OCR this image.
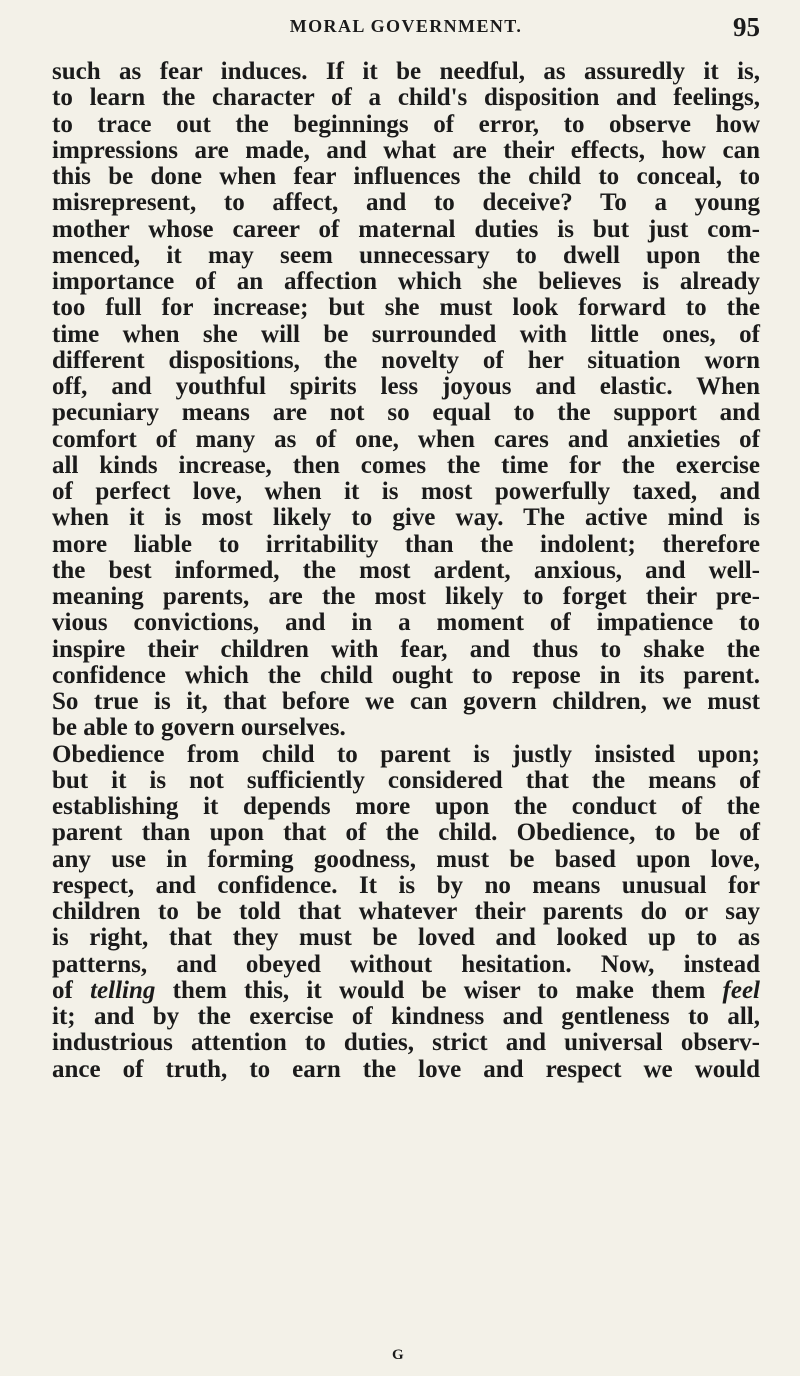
MORAL GOVERNMENT.	95
such as fear induces. If it be needful, as assuredly it is,
to learn the character of a child's disposition and feelings,
to trace out the beginnings of error, to observe how
impressions are made, and what are their effects, how can
this be done when fear influences the child to conceal, to
misrepresent, to affect, and to deceive? To a young
mother whose career of maternal duties is but just com-
menced, it may seem unnecessary to dwell upon the
importance of an affection which she believes is already
too full for increase; but she must look forward to the
time when she will be surrounded with little ones, of
different dispositions, the novelty of her situation worn
off, and youthful spirits less joyous and elastic. When
pecuniary means are not so equal to the support and
comfort of many as of one, when cares and anxieties of
all kinds increase, then comes the time for the exercise
of perfect love, when it is most powerfully taxed, and
when it is most likely to give way. The active mind is
more liable to irritability than the indolent; therefore
the best informed, the most ardent, anxious, and well-
meaning parents, are the most likely to forget their pre-
vious convictions, and in a moment of impatience to
inspire their children with fear, and thus to shake the
confidence which the child ought to repose in its parent.
So true is it, that before we can govern children, we must
be able to govern ourselves.
Obedience from child to parent is justly insisted upon;
but it is not sufficiently considered that the means of
establishing it depends more upon the conduct of the
parent than upon that of the child. Obedience, to be of
any use in forming goodness, must be based upon love,
respect, and confidence. It is by no means unusual for
children to be told that whatever their parents do or say
is right, that they must be loved and looked up to as
patterns, and obeyed without hesitation. Now, instead
of telling them this, it would be wiser to make them feel
it; and by the exercise of kindness and gentleness to all,
industrious attention to duties, strict and universal observ-
ance of truth, to earn the love and respect we would
G
